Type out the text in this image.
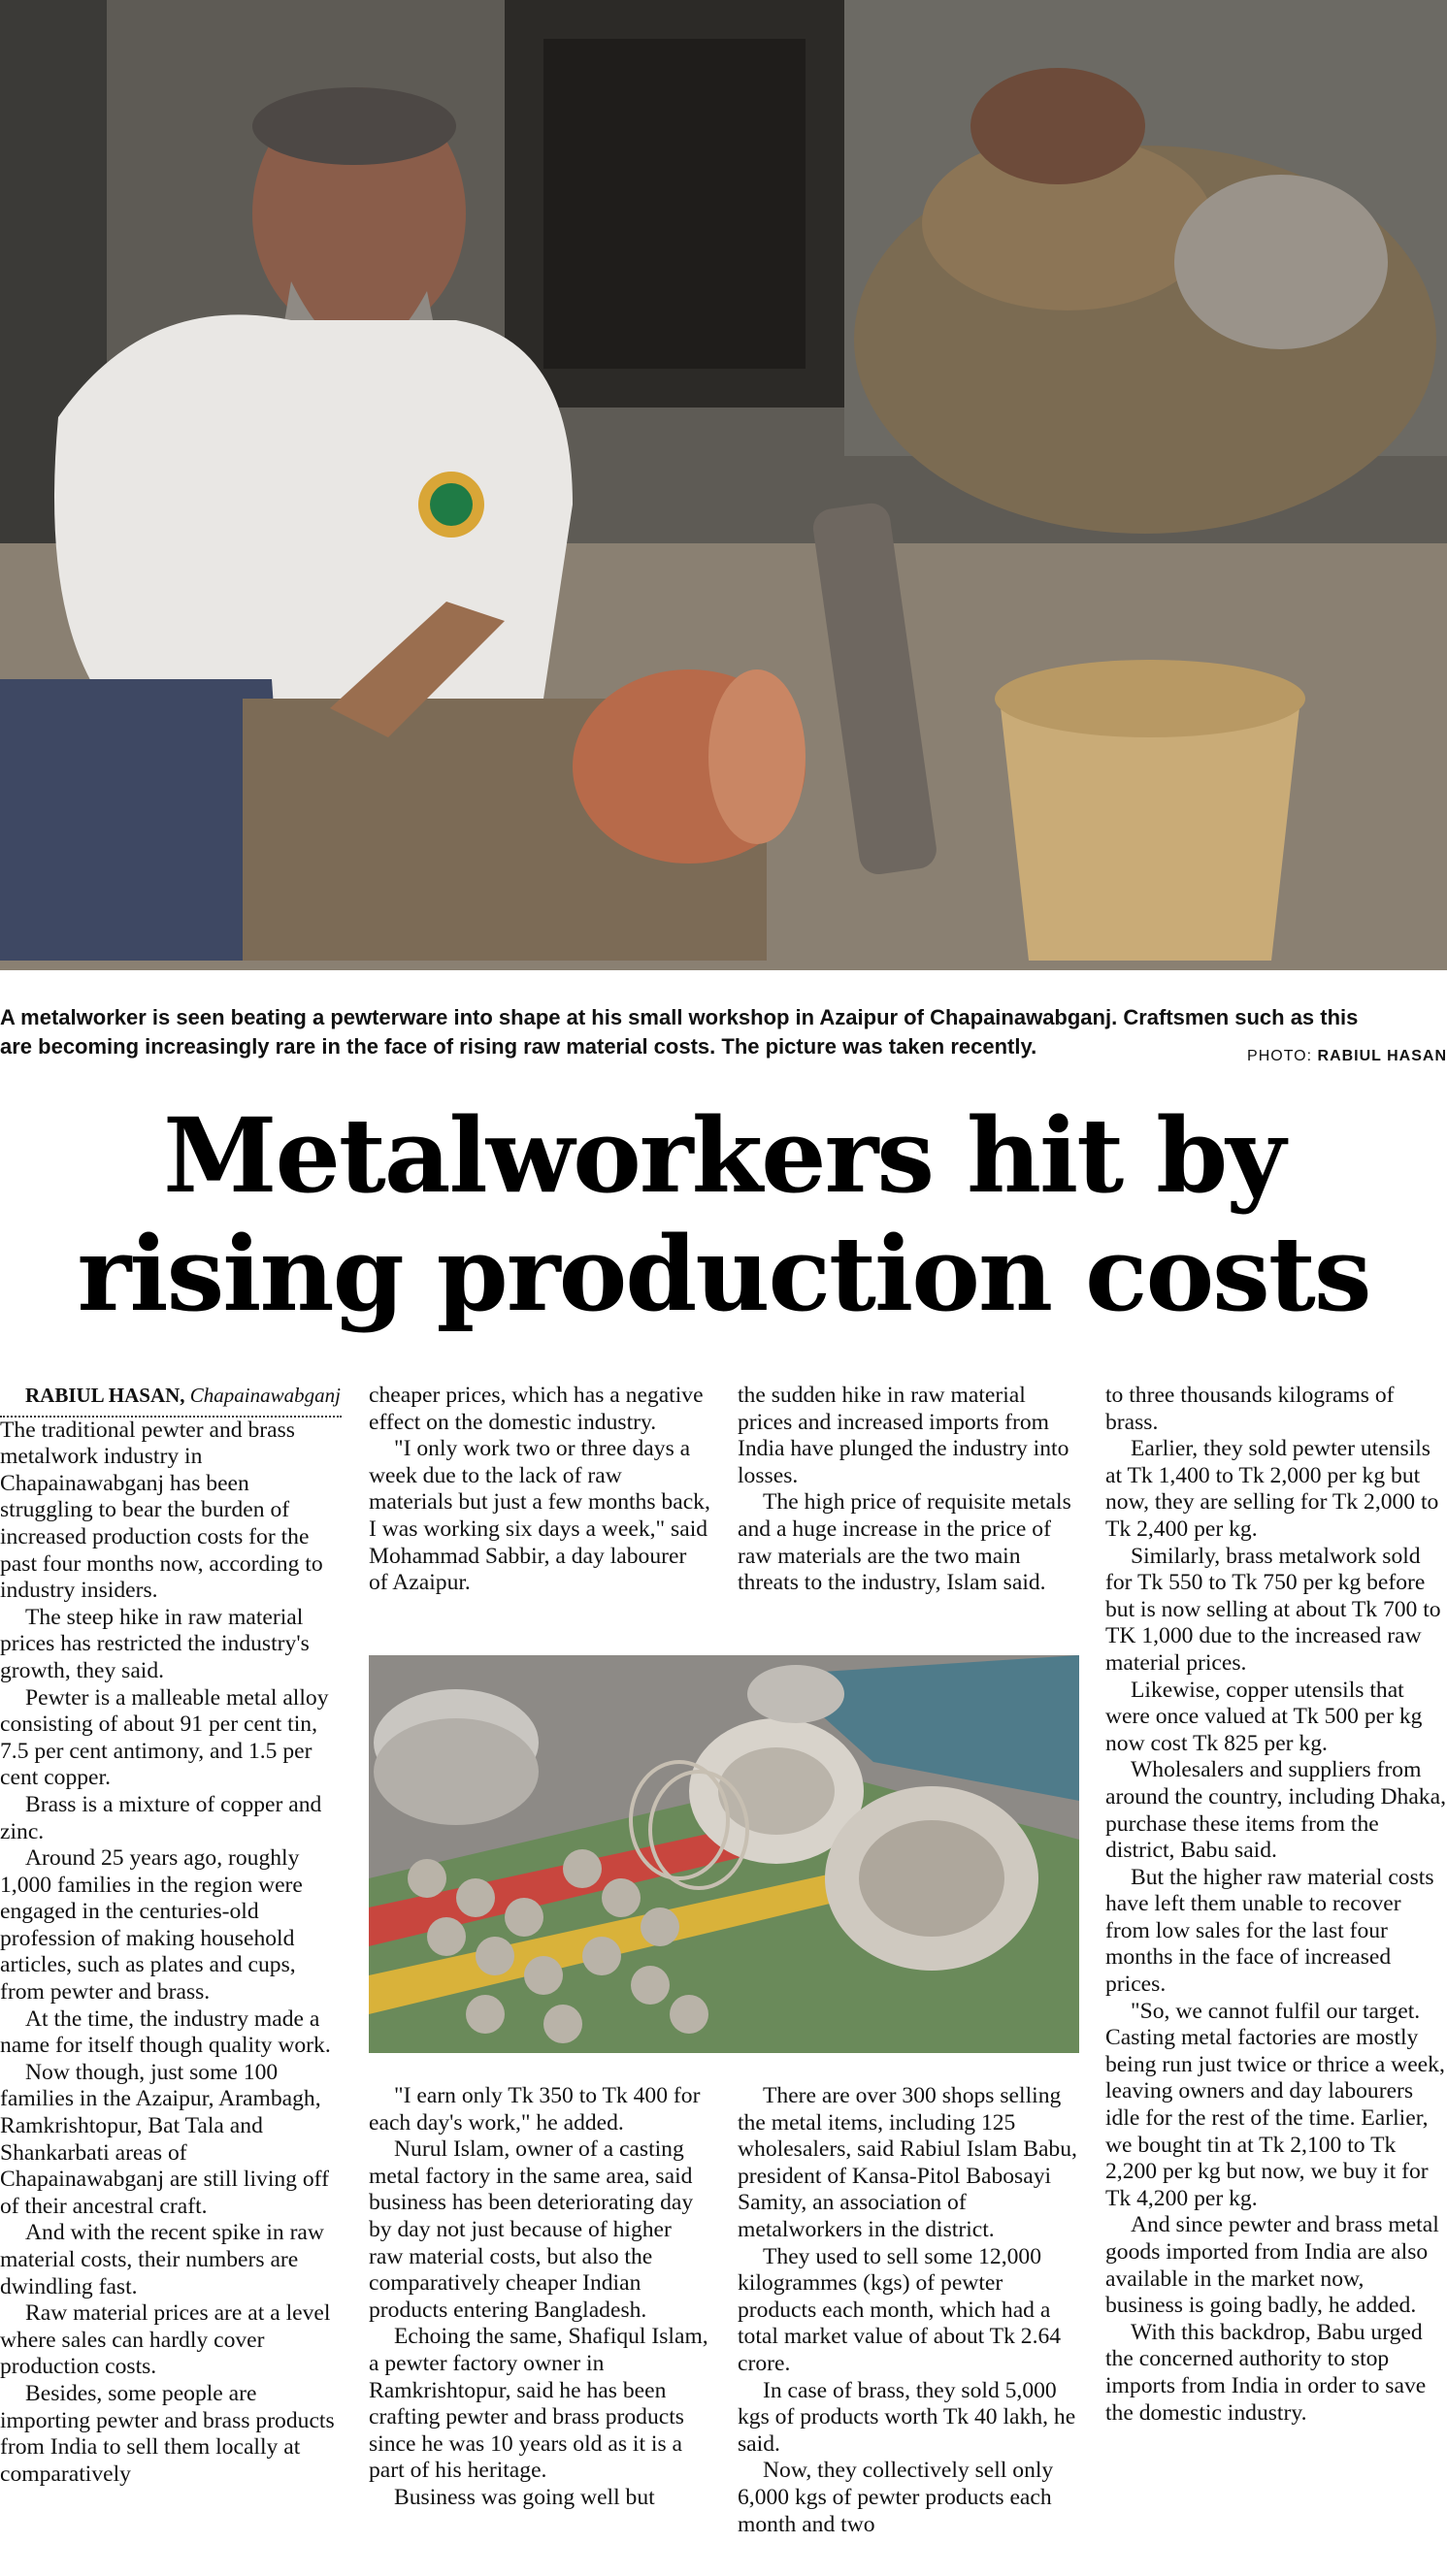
A metalworker is seen beating a pewterware into shape at his small workshop in Azaipur of Chapainawabganj. Craftsmen such as this
are becoming increasingly rare in the face of rising raw material costs. The picture was taken recently.	PHOTO: RABIUL HASAN
Metalworkers hit by
rising production costs

RABIUL HASAN, Chapainawabganj

The traditional pewter and brass metalwork industry in Chapainawabganj has been struggling to bear the burden of increased production costs for the past four months now, according to industry insiders.

The steep hike in raw material prices has restricted the industry's growth, they said.

Pewter is a malleable metal alloy consisting of about 91 per cent tin, 7.5 per cent antimony, and 1.5 per cent copper.

Brass is a mixture of copper and zinc.

Around 25 years ago, roughly 1,000 families in the region were engaged in the centuries-old profession of making household articles, such as plates and cups, from pewter and brass.

At the time, the industry made a name for itself though quality work.

Now though, just some 100 families in the Azaipur, Arambagh, Ramkrishtopur, Bat Tala and Shankarbati areas of Chapainawabganj are still living off of their ancestral craft.

And with the recent spike in raw material costs, their numbers are dwindling fast.

Raw material prices are at a level where sales can hardly cover production costs.

Besides, some people are importing pewter and brass products from India to sell them locally at comparatively

cheaper prices, which has a negative effect on the domestic industry.

"I only work two or three days a week due to the lack of raw materials but just a few months back, I was working six days a week," said Mohammad Sabbir, a day labourer of Azaipur.

the sudden hike in raw material prices and increased imports from India have plunged the industry into losses.

The high price of requisite metals and a huge increase in the price of raw materials are the two main threats to the industry, Islam said.

"I earn only Tk 350 to Tk 400 for each day's work," he added.

Nurul Islam, owner of a casting metal factory in the same area, said business has been deteriorating day by day not just because of higher raw material costs, but also the comparatively cheaper Indian products entering Bangladesh.

Echoing the same, Shafiqul Islam, a pewter factory owner in Ramkrishtopur, said he has been crafting pewter and brass products since he was 10 years old as it is a part of his heritage.

Business was going well but

There are over 300 shops selling the metal items, including 125 wholesalers, said Rabiul Islam Babu, president of Kansa-Pitol Babosayi Samity, an association of metalworkers in the district.

They used to sell some 12,000 kilogrammes (kgs) of pewter products each month, which had a total market value of about Tk 2.64 crore.

In case of brass, they sold 5,000 kgs of products worth Tk 40 lakh, he said.

Now, they collectively sell only 6,000 kgs of pewter products each month and two

to three thousands kilograms of brass.

Earlier, they sold pewter utensils at Tk 1,400 to Tk 2,000 per kg but now, they are selling for Tk 2,000 to Tk 2,400 per kg.

Similarly, brass metalwork sold for Tk 550 to Tk 750 per kg before but is now selling at about Tk 700 to TK 1,000 due to the increased raw material prices.

Likewise, copper utensils that were once valued at Tk 500 per kg now cost Tk 825 per kg.

Wholesalers and suppliers from around the country, including Dhaka, purchase these items from the district, Babu said.

But the higher raw material costs have left them unable to recover from low sales for the last four months in the face of increased prices.

"So, we cannot fulfil our target. Casting metal factories are mostly being run just twice or thrice a week, leaving owners and day labourers idle for the rest of the time. Earlier, we bought tin at Tk 2,100 to Tk 2,200 per kg but now, we buy it for Tk 4,200 per kg.

And since pewter and brass metal goods imported from India are also available in the market now, business is going badly, he added.

With this backdrop, Babu urged the concerned authority to stop imports from India in order to save the domestic industry.
